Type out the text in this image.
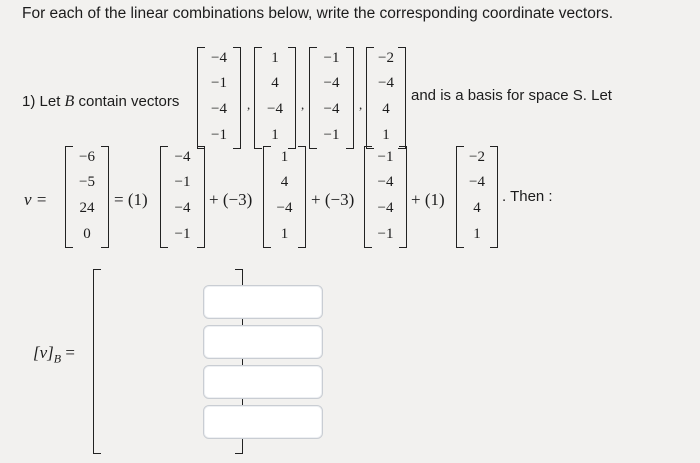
For each of the linear combinations below, write the corresponding coordinate vectors.
1) Let B contain vectors
−4
−1
−4
−1
,
1
4
−4
1
,
−1
−4
−4
−1
,
−2
−4
4
1
and is a basis for space S. Let
v =
−6
−5
24
0
= (1)
−4
−1
−4
−1
+ (−3)
1
4
−4
1
+ (−3)
−1
−4
−4
−1
+ (1)
−2
−4
4
1
. Then :
$[v]_B$ =
